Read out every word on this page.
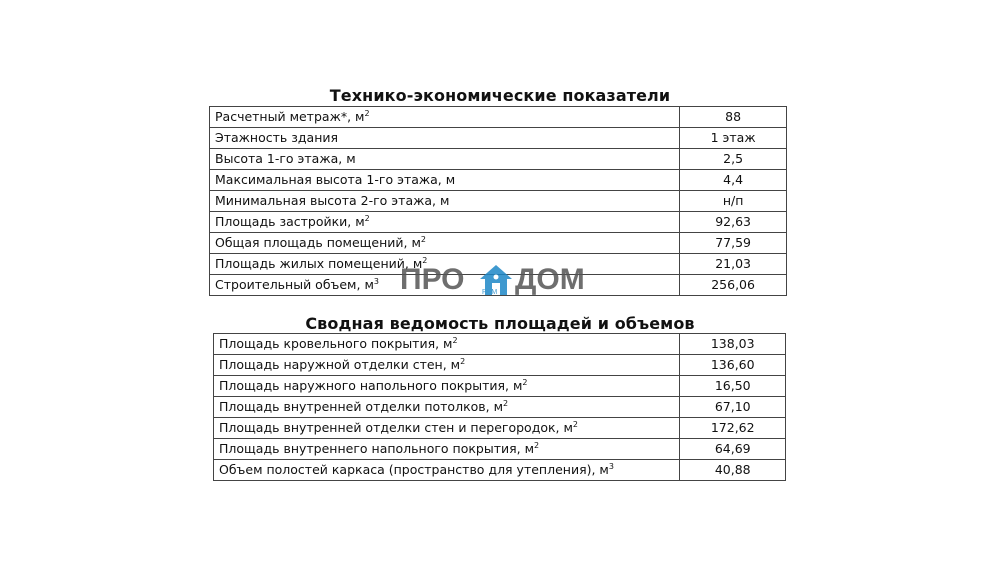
Технико-экономические показатели
Расчетный метраж*, $м^2$	88
Этажность здания	1 этаж
Высота 1-го этажа, м	2,5
Максимальная высота 1-го этажа, м	4,4
Минимальная высота 2-го этажа, м	н/п
Площадь застройки, $м^2$	92,63
Общая площадь помещений, $м^2$	77,59
Площадь жилых помещений, $м^2$	21,03
Строительный объем, $м^3$	256,06
Сводная ведомость площадей и объемов
Площадь кровельного покрытия, $м^2$	138,03
Площадь наружной отделки стен, $м^2$	136,60
Площадь наружного напольного покрытия, $м^2$	16,50
Площадь внутренней отделки потолков, $м^2$	67,10
Площадь внутренней отделки стен и перегородок, $м^2$	172,62
Площадь внутреннего напольного покрытия, $м^2$	64,69
Объем полостей каркаса (пространство для утепления), $м^3$	40,88
ПРО РЕМ ДОМ
